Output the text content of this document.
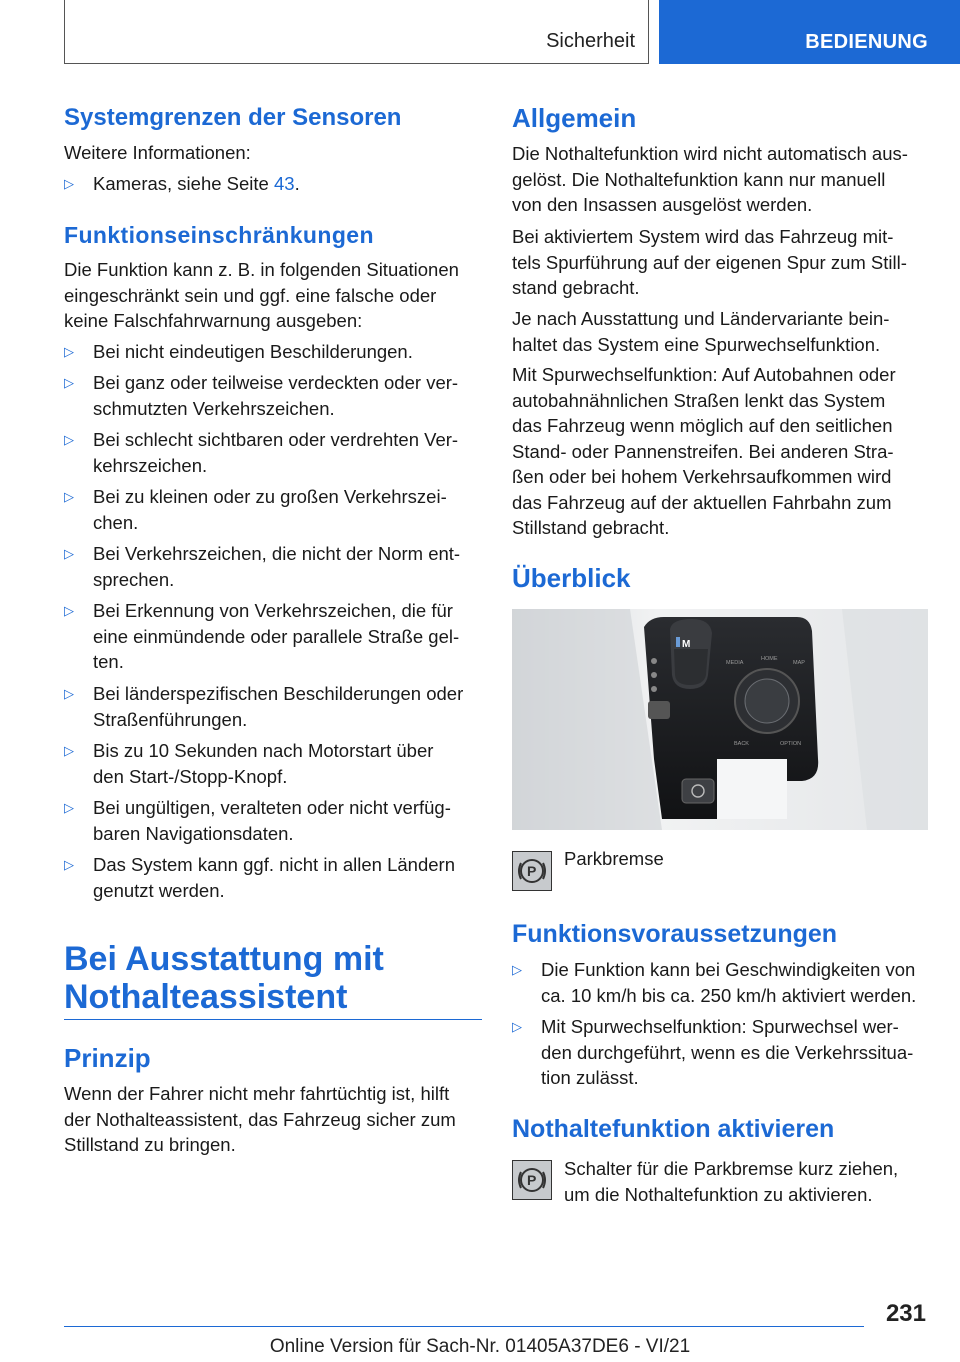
Sicherheit	BEDIENUNG
Systemgrenzen der Sensoren

Weitere Informationen:

▷ Kameras, siehe Seite 43.
Funktionseinschränkungen
Die Funktion kann z. B. in folgenden Situationen
eingeschränkt sein und ggf. eine falsche oder
keine Falschfahrwarnung ausgeben:
▷ Bei nicht eindeutigen Beschilderungen.
▷ Bei ganz oder teilweise verdeckten oder ver-
schmutzten Verkehrszeichen.
▷ Bei schlecht sichtbaren oder verdrehten Ver-
kehrszeichen.
▷ Bei zu kleinen oder zu großen Verkehrszei-
chen.
▷ Bei Verkehrszeichen, die nicht der Norm ent-
sprechen.
▷ Bei Erkennung von Verkehrszeichen, die für
eine einmündende oder parallele Straße gel-
ten.
▷ Bei länderspezifischen Beschilderungen oder
Straßenführungen.
▷ Bis zu 10 Sekunden nach Motorstart über
den Start-/Stopp-Knopf.
▷ Bei ungültigen, veralteten oder nicht verfüg-
baren Navigationsdaten.
▷ Das System kann ggf. nicht in allen Ländern
genutzt werden.
Bei Ausstattung mit
Nothalteassistent
Prinzip
Wenn der Fahrer nicht mehr fahrtüchtig ist, hilft
der Nothalteassistent, das Fahrzeug sicher zum
Stillstand zu bringen.
Allgemein
Die Nothaltefunktion wird nicht automatisch aus-
gelöst. Die Nothaltefunktion kann nur manuell
von den Insassen ausgelöst werden.
Bei aktiviertem System wird das Fahrzeug mit-
tels Spurführung auf der eigenen Spur zum Still-
stand gebracht.
Je nach Ausstattung und Ländervariante bein-
haltet das System eine Spurwechselfunktion.
Mit Spurwechselfunktion: Auf Autobahnen oder
autobahnähnlichen Straßen lenkt das System
das Fahrzeug wenn möglich auf den seitlichen
Stand- oder Pannenstreifen. Bei anderen Stra-
ßen oder bei hohem Verkehrsaufkommen wird
das Fahrzeug auf der aktuellen Fahrbahn zum
Stillstand gebracht.
Überblick
M
MEDIA
HOME
MAP
BACK	OPTION
P
Parkbremse
Funktionsvoraussetzungen
▷ Die Funktion kann bei Geschwindigkeiten von
ca. 10 km/h bis ca. 250 km/h aktiviert werden.
▷ Mit Spurwechselfunktion: Spurwechsel wer-
den durchgeführt, wenn es die Verkehrssitua-
tion zulässt.
Nothaltefunktion aktivieren
P
Schalter für die Parkbremse kurz ziehen,
um die Nothaltefunktion zu aktivieren.
231
Online Version für Sach-Nr. 01405A37DE6 - VI/21
